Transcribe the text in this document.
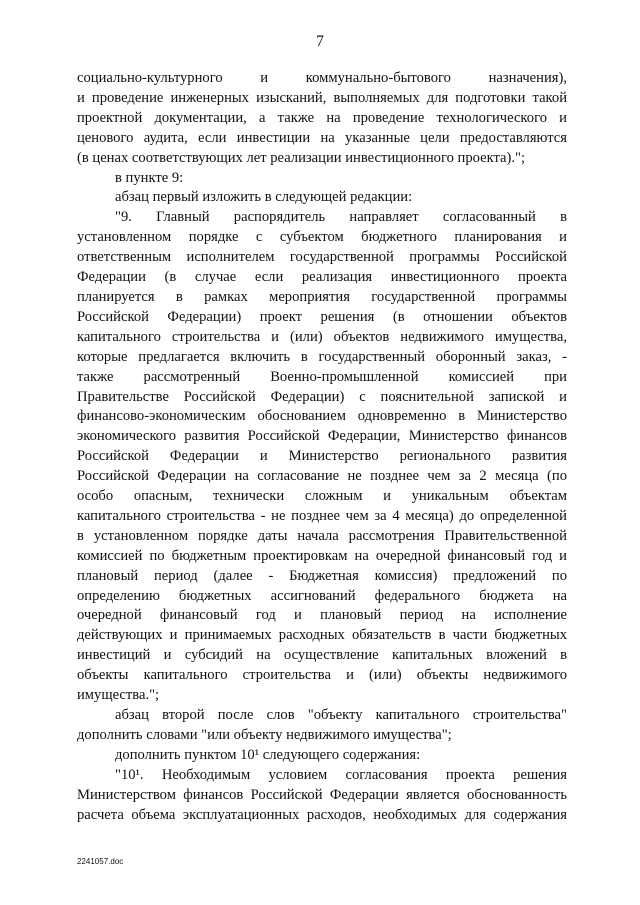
7

социально-культурного и коммунально-бытового назначения),

и проведение инженерных изысканий, выполняемых для подготовки такой

проектной документации, а также на проведение технологического и

ценового аудита, если инвестиции на указанные цели предоставляются

(в ценах соответствующих лет реализации инвестиционного проекта).";

в пункте 9:

абзац первый изложить в следующей редакции:

"9. Главный распорядитель направляет согласованный в

установленном порядке с субъектом бюджетного планирования и

ответственным исполнителем государственной программы Российской

Федерации (в случае если реализация инвестиционного проекта

планируется в рамках мероприятия государственной программы

Российской Федерации) проект решения (в отношении объектов

капитального строительства и (или) объектов недвижимого имущества,

которые предлагается включить в государственный оборонный заказ, -

также рассмотренный Военно-промышленной комиссией при

Правительстве Российской Федерации) с пояснительной запиской и

финансово-экономическим обоснованием одновременно в Министерство

экономического развития Российской Федерации, Министерство финансов

Российской Федерации и Министерство регионального развития

Российской Федерации на согласование не позднее чем за 2 месяца (по

особо опасным, технически сложным и уникальным объектам

капитального строительства - не позднее чем за 4 месяца) до определенной

в установленном порядке даты начала рассмотрения Правительственной

комиссией по бюджетным проектировкам на очередной финансовый год и

плановый период (далее - Бюджетная комиссия) предложений по

определению бюджетных ассигнований федерального бюджета на

очередной финансовый год и плановый период на исполнение

действующих и принимаемых расходных обязательств в части бюджетных

инвестиций и субсидий на осуществление капитальных вложений в

объекты капитального строительства и (или) объекты недвижимого

имущества.";

абзац второй после слов "объекту капитального строительства"

дополнить словами "или объекту недвижимого имущества";

дополнить пунктом 10¹ следующего содержания:

"10¹. Необходимым условием согласования проекта решения

Министерством финансов Российской Федерации является обоснованность

расчета объема эксплуатационных расходов, необходимых для содержания

2241057.doc
